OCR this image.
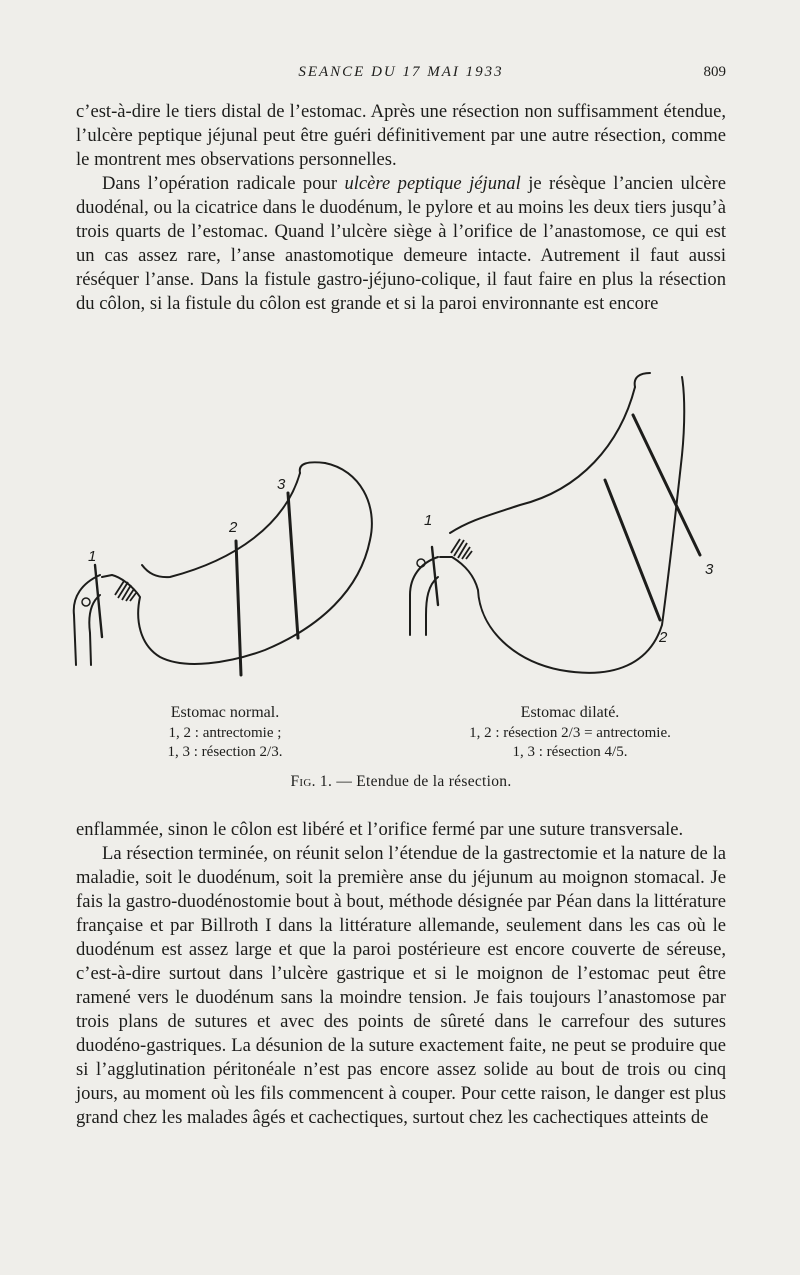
SEANCE DU 17 MAI 1933	809

c’est-à-dire le tiers distal de l’estomac. Après une résection non suffisamment étendue, l’ulcère peptique jéjunal peut être guéri définitivement par une autre résection, comme le montrent mes observations personnelles.

Dans l’opération radicale pour ulcère peptique jéjunal je résèque l’ancien ulcère duodénal, ou la cicatrice dans le duodénum, le pylore et au moins les deux tiers jusqu’à trois quarts de l’estomac. Quand l’ulcère siège à l’orifice de l’anastomose, ce qui est un cas assez rare, l’anse anastomotique demeure intacte. Autrement il faut aussi réséquer l’anse. Dans la fistule gastro-jéjuno-colique, il faut faire en plus la résection du côlon, si la fistule du côlon est grande et si la paroi environnante est encore

1
2
3
1
2
3
Estomac normal.
1, 2 : antrectomie ;
1, 3 : résection 2/3.
Estomac dilaté.
1, 2 : résection 2/3 = antrectomie.
1, 3 : résection 4/5.
Fig. 1. — Etendue de la résection.

enflammée, sinon le côlon est libéré et l’orifice fermé par une suture transversale.

La résection terminée, on réunit selon l’étendue de la gastrectomie et la nature de la maladie, soit le duodénum, soit la première anse du jéjunum au moignon stomacal. Je fais la gastro-duodénostomie bout à bout, méthode désignée par Péan dans la littérature française et par Billroth I dans la littérature allemande, seulement dans les cas où le duodénum est assez large et que la paroi postérieure est encore couverte de séreuse, c’est-à-dire surtout dans l’ulcère gastrique et si le moignon de l’estomac peut être ramené vers le duodénum sans la moindre tension. Je fais toujours l’anastomose par trois plans de sutures et avec des points de sûreté dans le carrefour des sutures duodéno-gastriques. La désunion de la suture exactement faite, ne peut se produire que si l’agglutination péritonéale n’est pas encore assez solide au bout de trois ou cinq jours, au moment où les fils commencent à couper. Pour cette raison, le danger est plus grand chez les malades âgés et cachectiques, surtout chez les cachectiques atteints de
